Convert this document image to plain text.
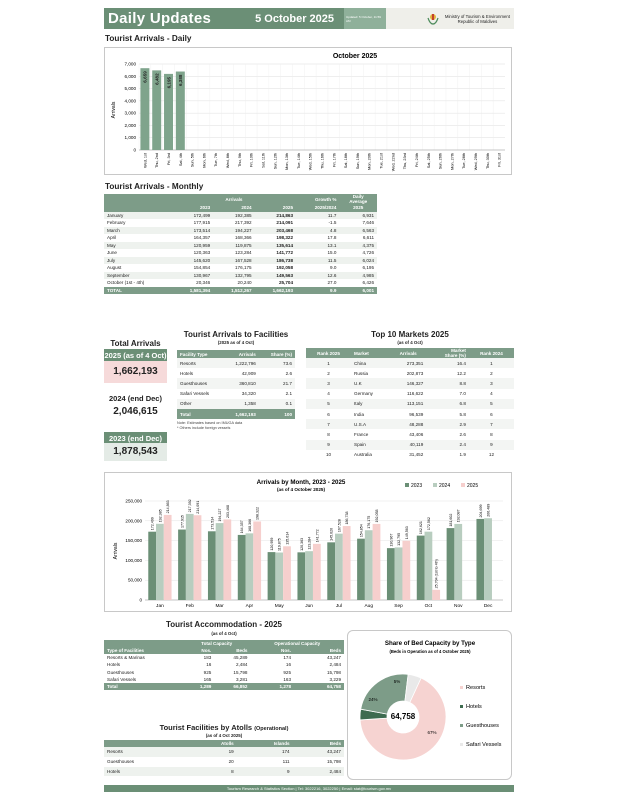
Daily Updates	5 October 2025	Updated: 5 October, 11:59 AM
Ministry of Tourism & Environment
Republic of Maldives
Tourist Arrivals - Daily
October 2025
Arrivals
0
1,000
2,000
3,000
4,000
5,000
6,000
7,000
6,659 6,482 6,195 6,388
Wed, 1st Thu, 2nd Fri, 3rd Sat, 4th Sun, 5th Mon, 6th Tue, 7th Wed, 8th Thu, 9th Fri, 10th Sat, 11th Sun, 12th Mon, 13th Tue, 14th Wed, 15th Thu, 16th Fri, 17th Sat, 18th Sun, 19th Mon, 20th Tue, 21st Wed, 22nd Thu, 23rd Fri, 24th Sat, 25th Sun, 26th Mon, 27th Tue, 28th Wed, 29th Thu, 30th Fri, 31st
Tourist Arrivals - Monthly
	Arrivals			Growth %	Daily
Average
	2023	2024	2025	2025/2024	2025
January	172,499	192,385	214,863	11.7	6,931
February	177,915	217,392	214,091	-1.5	7,646
March	173,514	194,227	203,468	4.8	6,563
April	164,357	168,366	198,322	17.8	6,611
May	120,959	119,875	135,614	13.1	4,375
June	120,363	123,284	141,772	15.0	4,726
July	145,620	167,528	186,738	11.5	6,024
August	154,854	176,175	192,058	9.0	6,195
September	130,967	132,795	149,563	12.6	4,985
October (1st - 4th)	20,346	20,240	25,704	27.0	6,426
TOTAL	1,581,394	1,512,267	1,662,193	9.9	6,001
Total Arrivals
2025 (as of 4 Oct)
1,662,193
2024 (end Dec)
2,046,615
2023 (end Dec)
1,878,543
Tourist Arrivals to Facilities
(2025 as of 4 Oct)
Facility Type	Arrivals	Share (%)
Resorts	1,222,796	73.6
Hotels	42,909	2.6
Guesthouses	360,810	21.7
Safari Vessels	34,320	2.1
Other	1,358	0.1
Total	1,662,193	100
Note: Estimates based on IMUGA data
* Others include foreign vessels
Top 10 Markets 2025
(as of 4 Oct)
Rank 2025	Market	Arrivals	Market
Share (%)	Rank 2024
1	China	273,351	16.4	1
2	Russia	202,873	12.2	2
3	U.K	146,327	8.8	3
4	Germany	116,622	7.0	4
5	Italy	113,151	6.8	5
6	India	96,539	5.8	6
7	U.S.A	48,288	2.9	7
8	France	43,406	2.6	8
9	Spain	40,119	2.4	9
10	Australia	31,452	1.9	12
Arrivals by Month, 2023 - 2025
(as of 4 October 2025)
Arrivals
2023	2024	2025
0
50,000
100,000
150,000
200,000
250,000
Jan
172,499
192,385
214,863
Feb
177,915
217,392 214,091
Mar
173,514
194,227 203,468
Apr
164,357 168,366
198,322
May
120,959 119,875 135,614
Jun
120,363 123,284
141,772
Jul
145,620
167,528
186,738
Aug
154,854
176,175 192,058
Sep
130,967 132,795
149,563
Oct
162,621 172,562
25,704 (1st to 4th)
Nov
181,602 192,087
Dec
204,699 206,489
Tourist Accommodation - 2025
(as of 4 Oct)
	Total Capacity		Operational Capacity	
Type of Facilities	Nos.	Beds	Nos.	Beds
Resorts & Marinas	183	45,289	174	43,247
Hotels	16	2,484	16	2,484
Guesthouses	925	15,798	925	15,798
Safari Vessels	165	3,281	163	3,229
Total	1,289	66,852	1,278	64,758
Tourist Facilities by Atolls (Operational)
(as of 4 Oct 2025)
	Atolls	Islands	Beds
Resorts	19	174	43,247
Guesthouses	20	111	15,798
Hotels	8	9	2,484
Share of Bed Capacity by Type
(Beds in Operation as of 4 October 2025)
64,758
67%
24%
5%
Resorts
Hotels
Guesthouses
Safari Vessels
Tourism Research & Statistics Section | Tel: 3022216, 3022250 | Email: stat@tourism.gov.mv
